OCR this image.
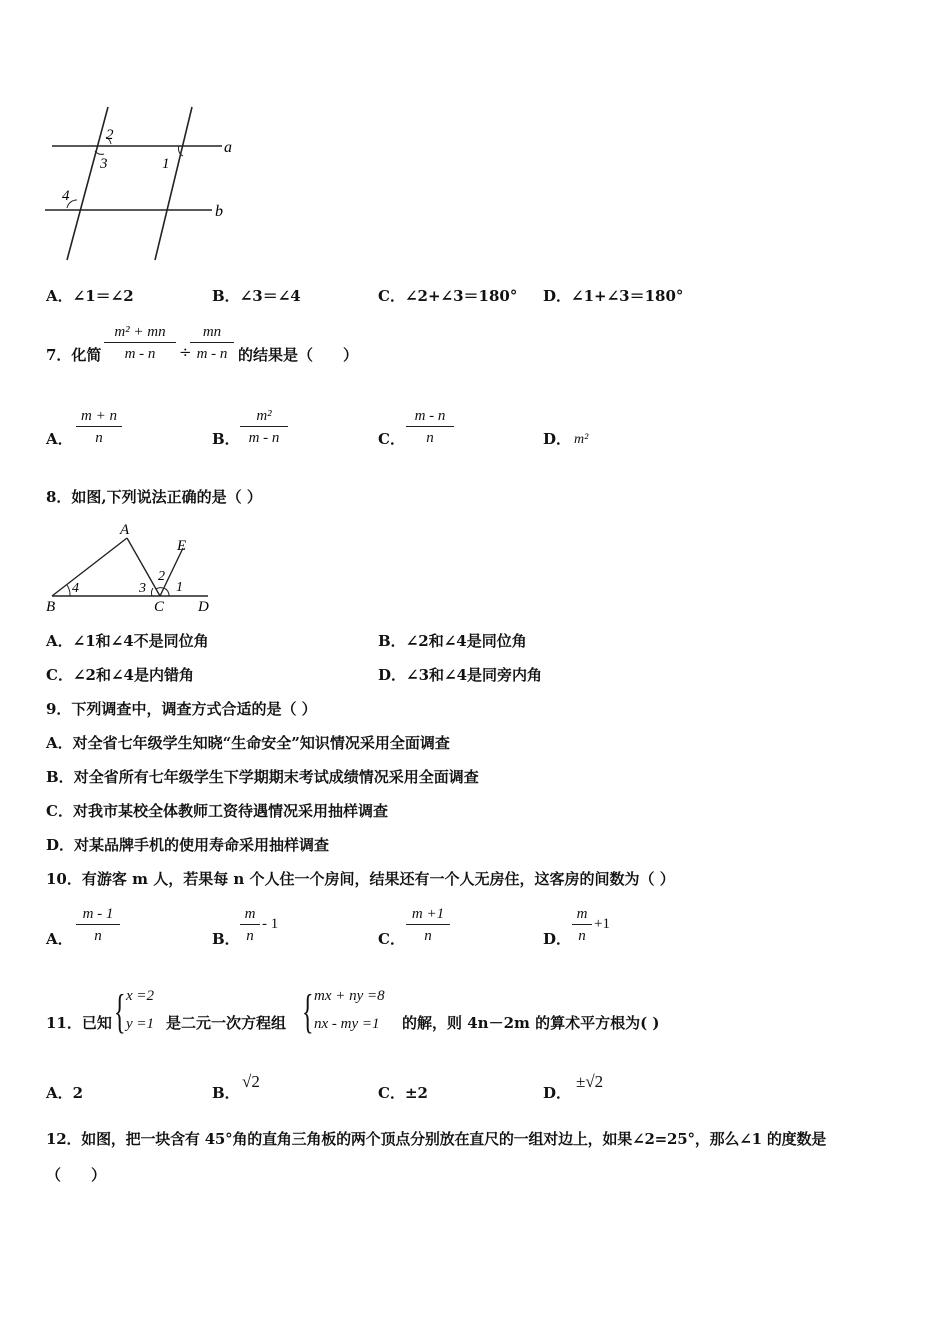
a
b
1
2
3
4
A．∠1＝∠2	B．∠3＝∠4	C．∠2+∠3＝180° D．∠1+∠3＝180°
7．化简 $\frac{\text{m² + mn}}{m - n}$ ÷
$\frac{mn}{m - n}$ 的结果是（　　）
A． $\frac{m + n}{n}$	B． $\frac{\text{m²}}{m - n}$	C． $\frac{m - n}{n}$	D． m²
8．如图,下列说法正确的是（ ）
A
B	C D
E
4	3
2
1
A．∠1和∠4不是同位角	B．∠2和∠4是同位角
C．∠2和∠4是内错角	D．∠3和∠4是同旁内角
9．下列调查中，调查方式合适的是（ ）
A．对全省七年级学生知晓“生命安全”知识情况采用全面调查
B．对全省所有七年级学生下学期期末考试成绩情况采用全面调查
C．对我市某校全体教师工资待遇情况采用抽样调查
D．对某品牌手机的使用寿命采用抽样调查
10．有游客 m 人，若果每 n 个人住一个房间，结果还有一个人无房住，这客房的间数为（ ）
A． $\frac{m - 1}{n}$	B． $\frac{m}{n} - 1$
C． $\frac{m +1}{n}$	D． $\frac{m}{n} +1$
11．已知 { x =2
y =1 是二元一次方程组 { mx + ny =8
nx - my =1 的解，则 4n－2m 的算术平方根为( )
A．2	B．
√2
C．±2	D．
±√2
12．如图，把一块含有 45°角的直角三角板的两个顶点分别放在直尺的一组对边上，如果∠2=25°，那么∠1 的度数是
（　　）
